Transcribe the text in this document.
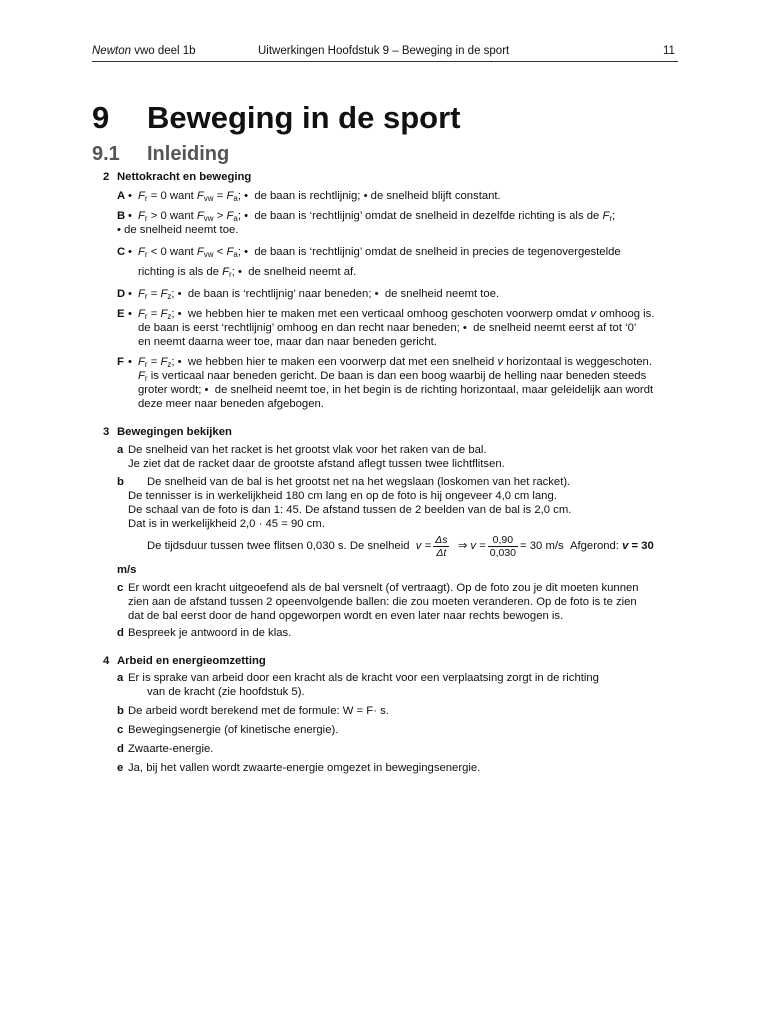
Newton vwo deel 1b	Uitwerkingen Hoofdstuk 9 – Beweging in de sport	11
9 Beweging in de sport
9.1 Inleiding
2 Nettokracht en beweging
A • $F_r = 0$ want $F_{vw} = F_a$; •  de baan is rechtlijnig; • de snelheid blijft constant.
B • $F_r > 0$ want $F_{vw} > F_a$; •  de baan is ‘rechtlijnig’ omdat de snelheid in dezelfde richting is als de $F_r$;
• de snelheid neemt toe.
C • $F_r < 0$ want $F_{vw} < F_a$; •  de baan is ‘rechtlijnig’ omdat de snelheid in precies de tegenovergestelde
richting is als de $F_r$; •  de snelheid neemt af.
D • $F_r = F_z$; •  de baan is ‘rechtlijnig’ naar beneden; •  de snelheid neemt toe.
E • $F_r = F_z$; •  we hebben hier te maken met een verticaal omhoog geschoten voorwerp omdat v omhoog is.
de baan is eerst ‘rechtlijnig’ omhoog en dan recht naar beneden; •  de snelheid neemt eerst af tot ‘0’
en neemt daarna weer toe, maar dan naar beneden gericht.
F • $F_r = F_z$; •  we hebben hier te maken een voorwerp dat met een snelheid v horizontaal is weggeschoten.
$F_r$ is verticaal naar beneden gericht. De baan is dan een boog waarbij de helling naar beneden steeds
groter wordt; •  de snelheid neemt toe, in het begin is de richting horizontaal, maar geleidelijk aan wordt
deze meer naar beneden afgebogen.
3 Bewegingen bekijken
a De snelheid van het racket is het grootst vlak voor het raken van de bal.
Je ziet dat de racket daar de grootste afstand aflegt tussen twee lichtflitsen.
b De snelheid van de bal is het grootst net na het wegslaan (loskomen van het racket).
De tennisser is in werkelijkheid 180 cm lang en op de foto is hij ongeveer 4,0 cm lang.
De schaal van de foto is dan 1: 45. De afstand tussen de 2 beelden van de bal is 2,0 cm.
Dat is in werkelijkheid 2,0 · 45 = 90 cm.
De tijdsduur tussen twee flitsen 0,030 s. De snelheid $v = \frac{\Delta s}{\Delta t}$ ⇒ $v = \frac{0,90}{0,030} = 30$ m/s Afgerond: v = 30
m/s
c Er wordt een kracht uitgeoefend als de bal versnelt (of vertraagt). Op de foto zou je dit moeten kunnen
zien aan de afstand tussen 2 opeenvolgende ballen: die zou moeten veranderen. Op de foto is te zien
dat de bal eerst door de hand opgeworpen wordt en even later naar rechts bewogen is.
d Bespreek je antwoord in de klas.
4 Arbeid en energieomzetting
a Er is sprake van arbeid door een kracht als de kracht voor een verplaatsing zorgt in de richting
van de kracht (zie hoofdstuk 5).
b De arbeid wordt berekend met de formule: W = F· s.
c Bewegingsenergie (of kinetische energie).
d Zwaarte-energie.
e Ja, bij het vallen wordt zwaarte-energie omgezet in bewegingsenergie.
